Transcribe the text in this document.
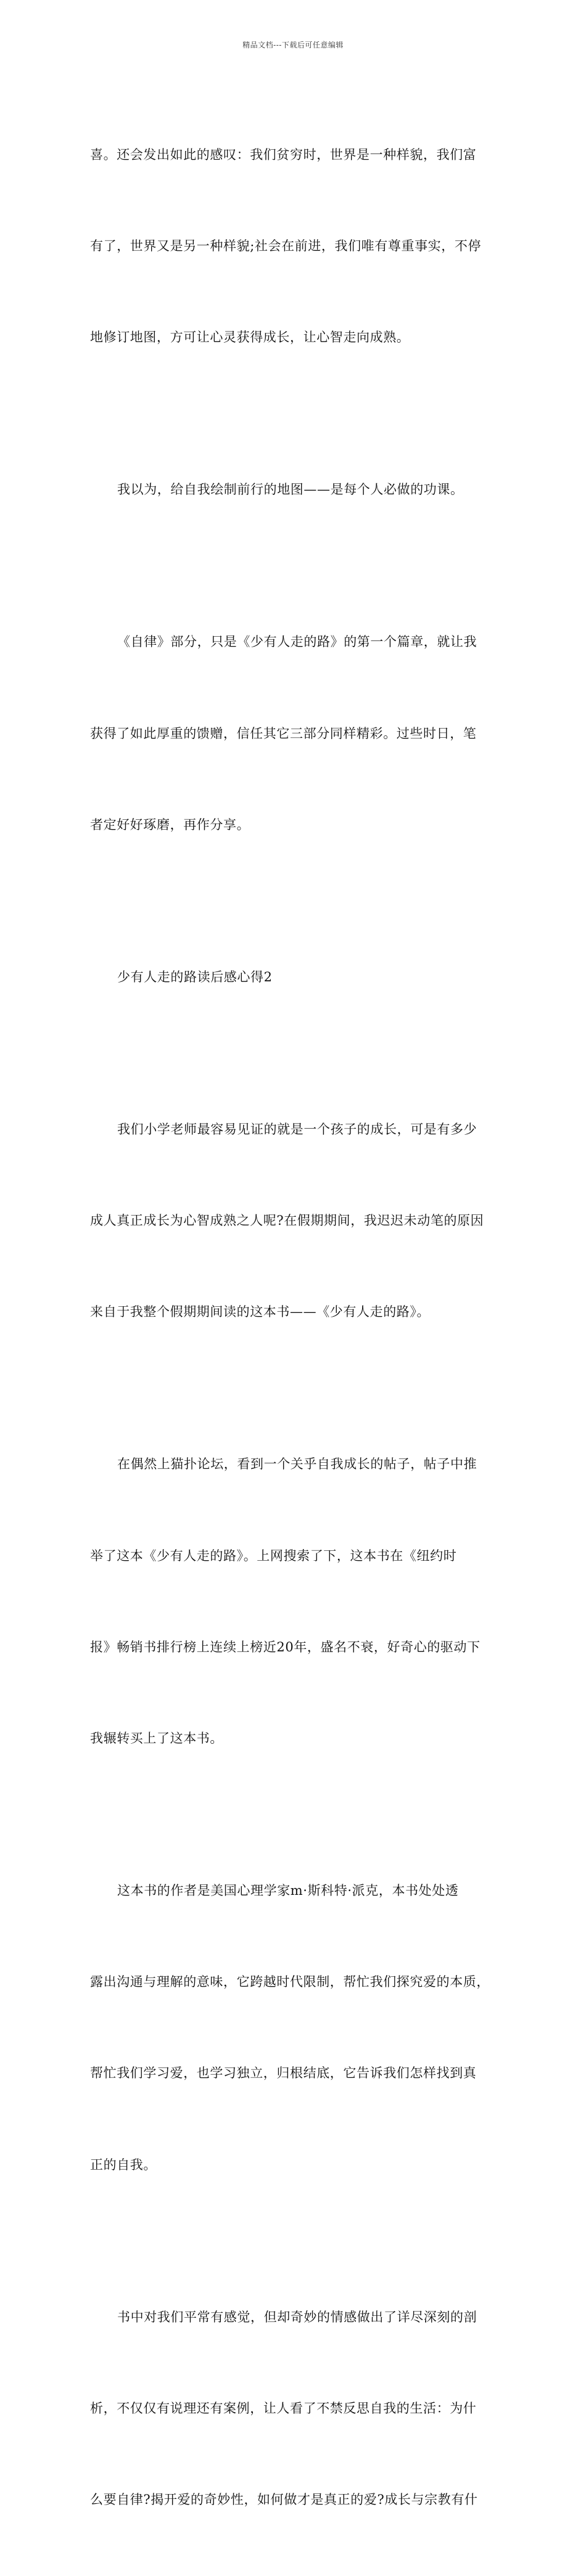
精品文档---下载后可任意编辑

喜。还会发出如此的感叹：我们贫穷时，世界是一种样貌，我们富

有了，世界又是另一种样貌;社会在前进，我们唯有尊重事实，不停

地修订地图，方可让心灵获得成长，让心智走向成熟。

我以为，给自我绘制前行的地图——是每个人必做的功课。

《自律》部分，只是《少有人走的路》的第一个篇章，就让我

获得了如此厚重的馈赠，信任其它三部分同样精彩。过些时日，笔

者定好好琢磨，再作分享。

少有人走的路读后感心得2

我们小学老师最容易见证的就是一个孩子的成长，可是有多少

成人真正成长为心智成熟之人呢?在假期期间，我迟迟未动笔的原因

来自于我整个假期期间读的这本书——《少有人走的路》。

在偶然上猫扑论坛，看到一个关乎自我成长的帖子，帖子中推

举了这本《少有人走的路》。上网搜索了下，这本书在《纽约时

报》畅销书排行榜上连续上榜近20年，盛名不衰，好奇心的驱动下

我辗转买上了这本书。

这本书的作者是美国心理学家m·斯科特·派克，本书处处透

露出沟通与理解的意味，它跨越时代限制，帮忙我们探究爱的本质，

帮忙我们学习爱，也学习独立，归根结底，它告诉我们怎样找到真

正的自我。

书中对我们平常有感觉，但却奇妙的情感做出了详尽深刻的剖

析，不仅仅有说理还有案例，让人看了不禁反思自我的生活：为什

么要自律?揭开爱的奇妙性，如何做才是真正的爱?成长与宗教有什
